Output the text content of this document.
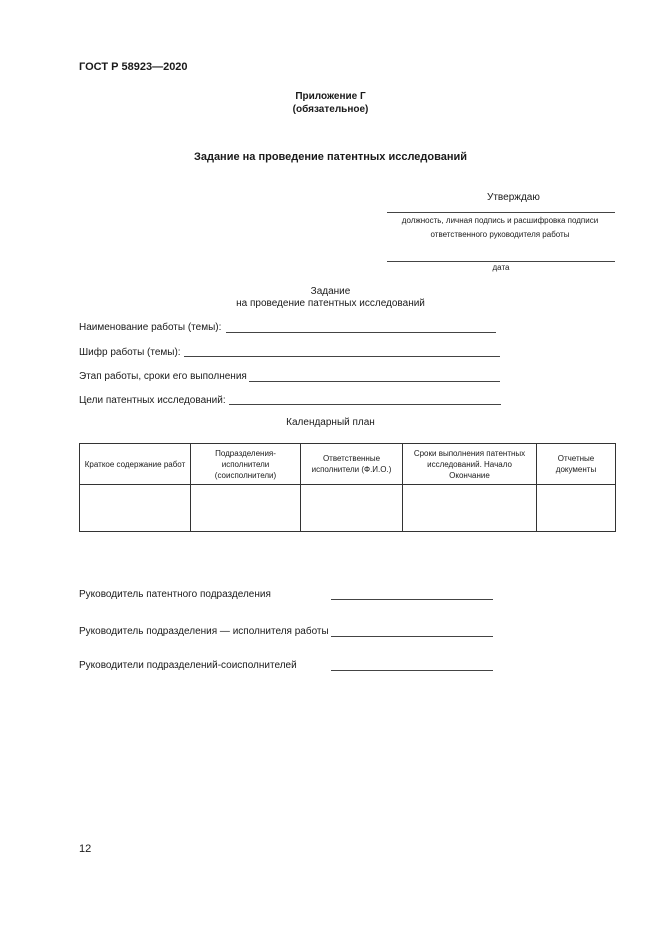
ГОСТ Р 58923—2020
Приложение Г
(обязательное)
Задание на проведение патентных исследований
Утверждаю
должность, личная подпись и расшифровка подписи
ответственного руководителя работы
дата
Задание
на проведение патентных исследований
Наименование работы (темы):
Шифр работы (темы):
Этап работы, сроки его выполнения
Цели патентных исследований:
Календарный план
Краткое содержание работ	Подразделения-исполнители (соисполнители)	Ответственные исполнители (Ф.И.О.)	Сроки выполнения патентных исследований. Начало Окончание	Отчетные документы

Руководитель патентного подразделения
Руководитель подразделения — исполнителя работы
Руководители подразделений-соисполнителей
12
